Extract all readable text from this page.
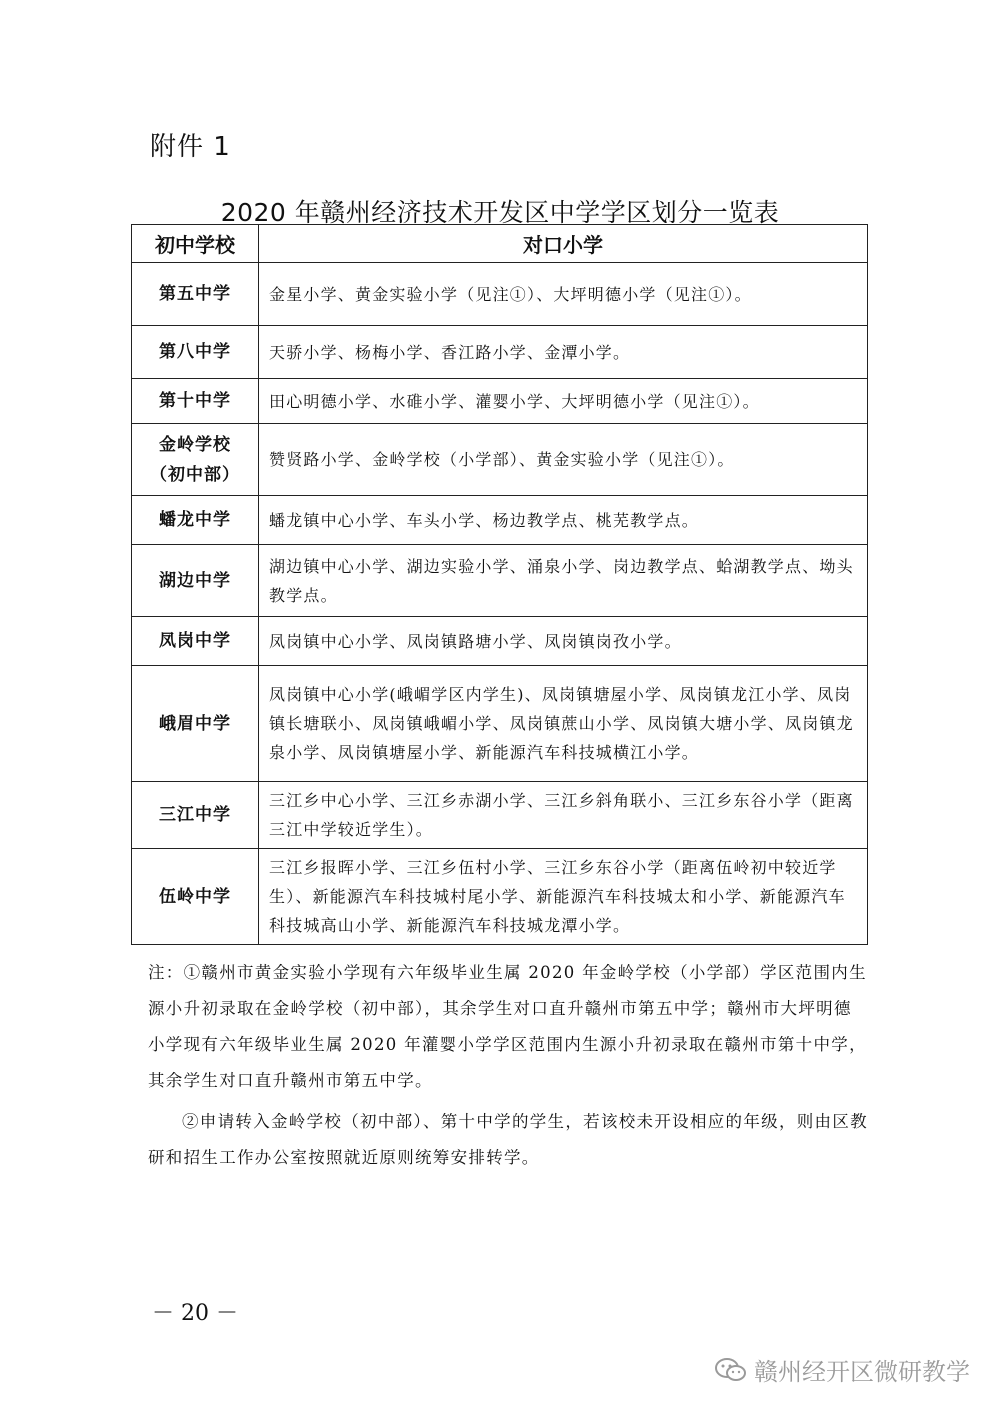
附件 1
2020 年赣州经济技术开发区中学学区划分一览表
初中学校	对口小学
第五中学	金星小学、黄金实验小学（见注①）、大坪明德小学（见注①）。
第八中学	天骄小学、杨梅小学、香江路小学、金潭小学。
第十中学	田心明德小学、水碓小学、灌婴小学、大坪明德小学（见注①）。

金岭学校
（初中部）	赞贤路小学、金岭学校（小学部）、黄金实验小学（见注①）。
蟠龙中学	蟠龙镇中心小学、车头小学、杨边教学点、桃芜教学点。
湖边中学	湖边镇中心小学、湖边实验小学、涌泉小学、岗边教学点、蛤湖教学点、坳头教学点。
凤岗中学	凤岗镇中心小学、凤岗镇路塘小学、凤岗镇岗孜小学。
峨眉中学	凤岗镇中心小学(峨嵋学区内学生)、凤岗镇塘屋小学、凤岗镇龙江小学、凤岗镇长塘联小、凤岗镇峨嵋小学、凤岗镇蔗山小学、凤岗镇大塘小学、凤岗镇龙泉小学、凤岗镇塘屋小学、新能源汽车科技城横江小学。
三江中学	三江乡中心小学、三江乡赤湖小学、三江乡斜角联小、三江乡东谷小学（距离三江中学较近学生）。
伍岭中学	三江乡报晖小学、三江乡伍村小学、三江乡东谷小学（距离伍岭初中较近学生）、新能源汽车科技城村尾小学、新能源汽车科技城太和小学、新能源汽车科技城高山小学、新能源汽车科技城龙潭小学。

注：①赣州市黄金实验小学现有六年级毕业生属 2020 年金岭学校（小学部）学区范围内生源小升初录取在金岭学校（初中部），其余学生对口直升赣州市第五中学；赣州市大坪明德小学现有六年级毕业生属 2020 年灌婴小学学区范围内生源小升初录取在赣州市第十中学，其余学生对口直升赣州市第五中学。

②申请转入金岭学校（初中部）、第十中学的学生，若该校未开设相应的年级，则由区教研和招生工作办公室按照就近原则统筹安排转学。

－ 20 －
赣州经开区微研教学
